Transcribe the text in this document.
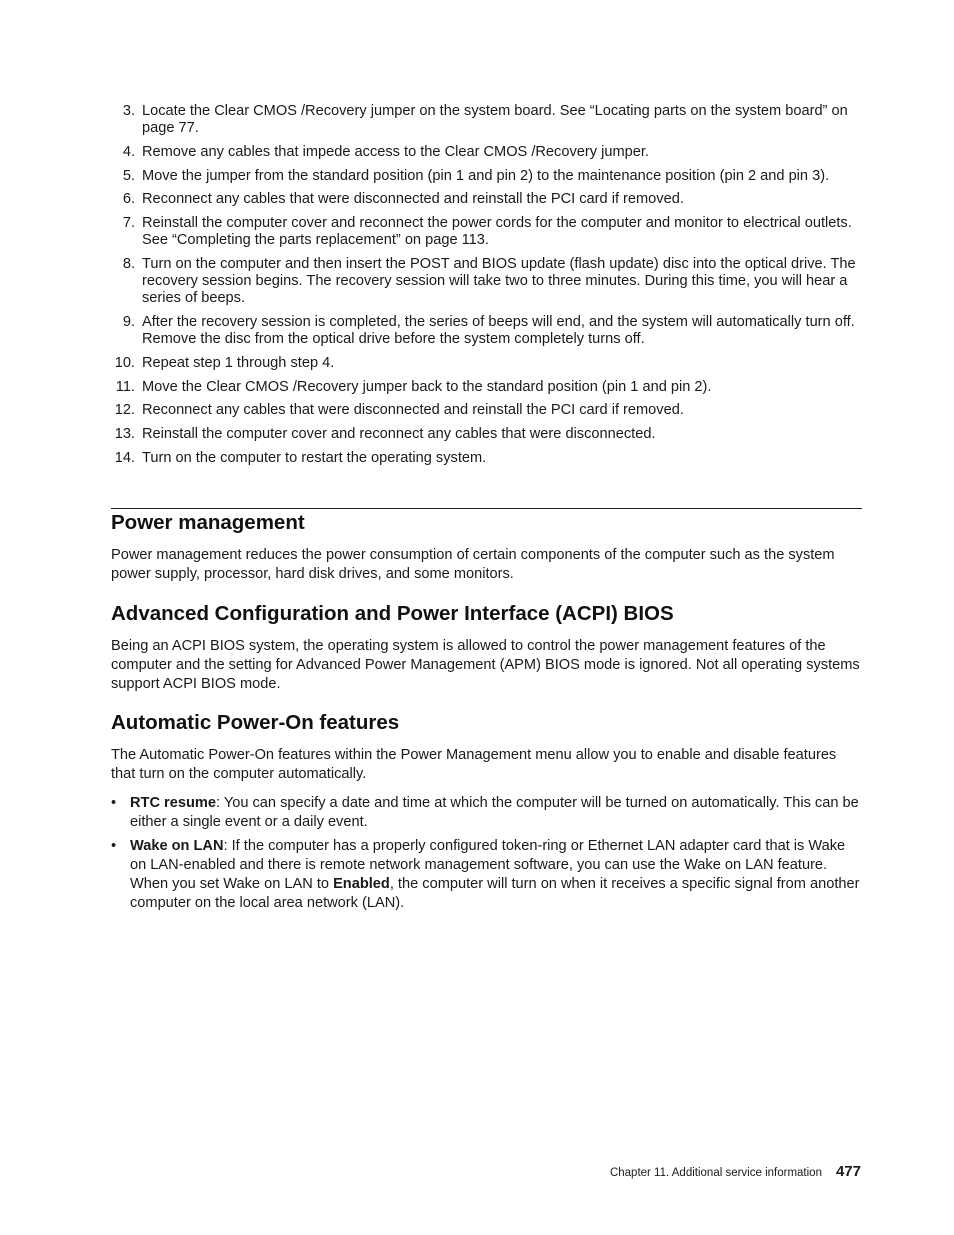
3. Locate the Clear CMOS /Recovery jumper on the system board. See “Locating parts on the system board” on page 77.
4. Remove any cables that impede access to the Clear CMOS /Recovery jumper.
5. Move the jumper from the standard position (pin 1 and pin 2) to the maintenance position (pin 2 and pin 3).
6. Reconnect any cables that were disconnected and reinstall the PCI card if removed.
7. Reinstall the computer cover and reconnect the power cords for the computer and monitor to electrical outlets. See “Completing the parts replacement” on page 113.
8. Turn on the computer and then insert the POST and BIOS update (flash update) disc into the optical drive. The recovery session begins. The recovery session will take two to three minutes. During this time, you will hear a series of beeps.
9. After the recovery session is completed, the series of beeps will end, and the system will automatically turn off. Remove the disc from the optical drive before the system completely turns off.
10. Repeat step 1 through step 4.
11. Move the Clear CMOS /Recovery jumper back to the standard position (pin 1 and pin 2).
12. Reconnect any cables that were disconnected and reinstall the PCI card if removed.
13. Reinstall the computer cover and reconnect any cables that were disconnected.
14. Turn on the computer to restart the operating system.
Power management

Power management reduces the power consumption of certain components of the computer such as the system power supply, processor, hard disk drives, and some monitors.

Advanced Configuration and Power Interface (ACPI) BIOS

Being an ACPI BIOS system, the operating system is allowed to control the power management features of the computer and the setting for Advanced Power Management (APM) BIOS mode is ignored. Not all operating systems support ACPI BIOS mode.

Automatic Power-On features

The Automatic Power-On features within the Power Management menu allow you to enable and disable features that turn on the computer automatically.

• RTC resume: You can specify a date and time at which the computer will be turned on automatically. This can be either a single event or a daily event.
• Wake on LAN: If the computer has a properly configured token-ring or Ethernet LAN adapter card that is Wake on LAN-enabled and there is remote network management software, you can use the Wake on LAN feature. When you set Wake on LAN to Enabled, the computer will turn on when it receives a specific signal from another computer on the local area network (LAN).
Chapter 11. Additional service information 477
